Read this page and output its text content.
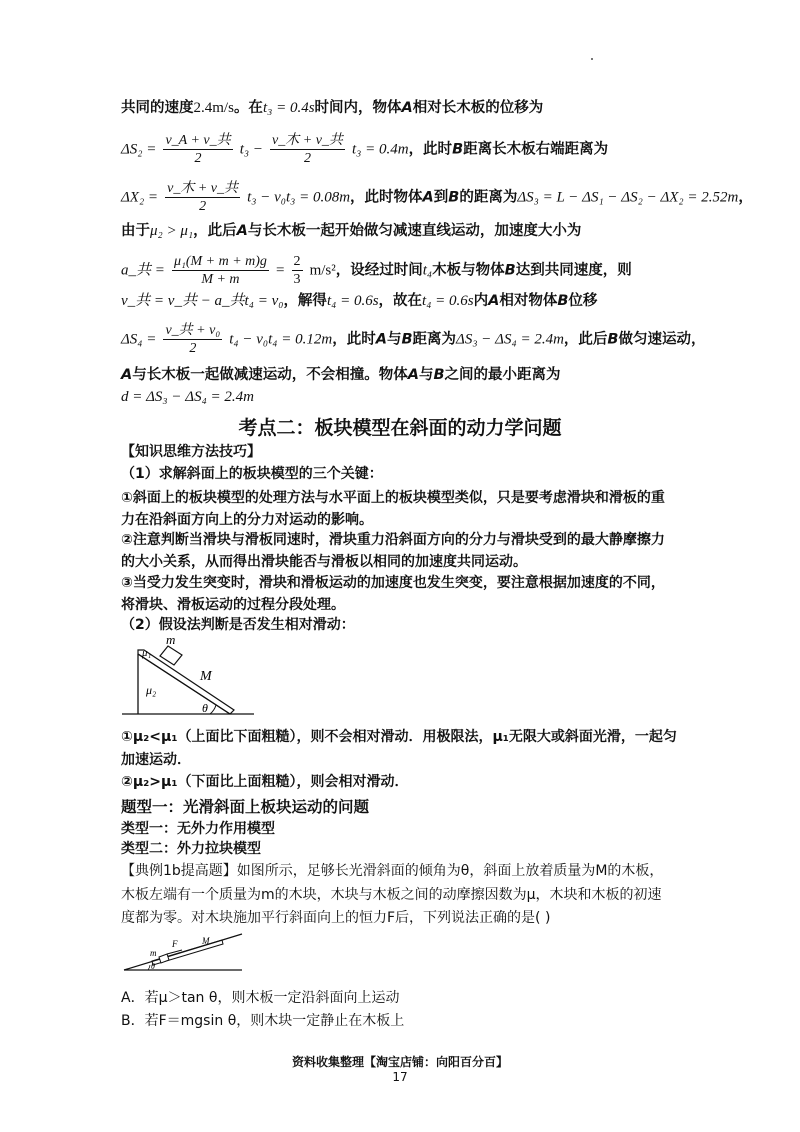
共同的速度2.4m/s。在t₃ = 0.4s时间内，物体A相对长木板的位移为
$\Delta S_2 = \frac{\text{v\_A + v\_共}}{2} t_3 - \frac{\text{v\_木 + v\_共}}{2} t_3 = 0.4m$，此时B距离长木板右端距离为
$\Delta X_2 = \frac{\text{v\_木 + v\_共}}{2} t_3 - v_0t_3 = 0.08m$，此时物体A到B的距离为ΔS₃ = L − ΔS₁ − ΔS₂ − ΔX₂ = 2.52m，
由于μ₂ > μ₁，此后A与长木板一起开始做匀减速直线运动，加速度大小为
a_共 = $\frac{\text{μ₁(M + m + m)g}}{M + m} = \frac{2}{3} m/s^2$，设经过时间t₄木板与物体B达到共同速度，则
v_共 = v_共 − a_共t₄ = v₀，解得t₄ = 0.6s，故在t₄ = 0.6s内A相对物体B位移
$\Delta S_4 = \frac{\text{v\_共 + v₀}}{2} t_4 - v_0t_4 = 0.12m$，此时A与B距离为ΔS₃ − ΔS₄ = 2.4m，此后B做匀速运动，
A与长木板一起做减速运动，不会相撞。物体A与B之间的最小距离为
d = ΔS₃ − ΔS₄ = 2.4m
考点二：板块模型在斜面的动力学问题
【知识思维方法技巧】
（1）求解斜面上的板块模型的三个关键：
①斜面上的板块模型的处理方法与水平面上的板块模型类似，只是要考虑滑块和滑板的重
力在沿斜面方向上的分力对运动的影响。
②注意判断当滑块与滑板同速时，滑块重力沿斜面方向的分力与滑块受到的最大静摩擦力
的大小关系，从而得出滑块能否与滑板以相同的加速度共同运动。
③当受力发生突变时，滑块和滑板运动的加速度也发生突变，要注意根据加速度的不同，
将滑块、滑板运动的过程分段处理。
（2）假设法判断是否发生相对滑动：
m
M
μ₁
μ₂
θ
①μ₂<μ₁（上面比下面粗糙），则不会相对滑动．用极限法，μ₁无限大或斜面光滑，一起匀
加速运动．
②μ₂>μ₁（下面比上面粗糙），则会相对滑动．
题型一：光滑斜面上板块运动的问题
类型一：无外力作用模型
类型二：外力拉块模型
【典例1b提高题】如图所示，足够长光滑斜面的倾角为θ，斜面上放着质量为M的木板，
木板左端有一个质量为m的木块，木块与木板之间的动摩擦因数为μ，木块和木板的初速
度都为零。对木块施加平行斜面向上的恒力F后，下列说法正确的是( )
m
F	M
θ
A．若μ＞tan θ，则木板一定沿斜面向上运动
B．若F＝mgsin θ，则木块一定静止在木板上
资料收集整理【淘宝店铺：向阳百分百】
17
